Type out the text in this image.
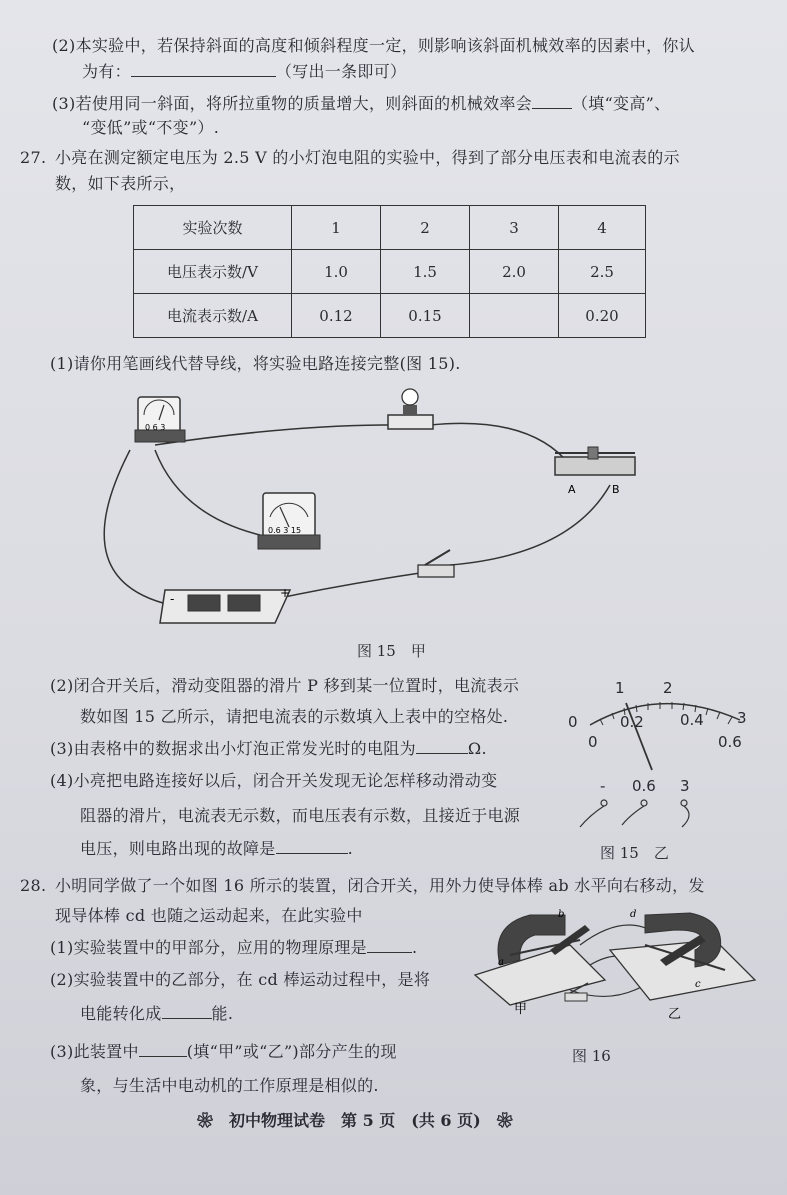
(2)本实验中，若保持斜面的高度和倾斜程度一定，则影响该斜面机械效率的因素中，你认
为有：	（写出一条即可）
(3)若使用同一斜面，将所拉重物的质量增大，则斜面的机械效率会	（填“变高”、
“变低”或“不变”）.
27. 小亮在测定额定电压为 2.5 V 的小灯泡电阻的实验中，得到了部分电压表和电流表的示
数，如下表所示，
实验次数	1	2	3	4
电压表示数/V	1.0	1.5	2.0	2.5
电流表示数/A	0.12	0.15		0.20
(1)请你用笔画线代替导线，将实验电路连接完整(图 15).
0 6 3
A	B
0.6 3 15
-	+
图 15　甲
(2)闭合开关后，滑动变阻器的滑片 P 移到某一位置时，电流表示
数如图 15 乙所示，请把电流表的示数填入上表中的空格处.
(3)由表格中的数据求出小灯泡正常发光时的电阻为	Ω.
(4)小亮把电路连接好以后，闭合开关发现无论怎样移动滑动变
阻器的滑片，电流表无示数，而电压表有示数，且接近于电源
电压，则电路出现的故障是	.
1	2
0	0.2 0.4 3
0	0.6
- 0.6 3
图 15　乙
28. 小明同学做了一个如图 16 所示的装置，闭合开关，用外力使导体棒 ab 水平向右移动，发
现导体棒 cd 也随之运动起来，在此实验中
(1)实验装置中的甲部分，应用的物理原理是	.
(2)实验装置中的乙部分，在 cd 棒运动过程中，是将
电能转化成	能.
(3)此装置中	(填“甲”或“乙”)部分产生的现
象，与生活中电动机的工作原理是相似的.
a
b	d
c
甲	乙
图 16
❀　初中物理试卷　第 5 页　(共 6 页)　❀
